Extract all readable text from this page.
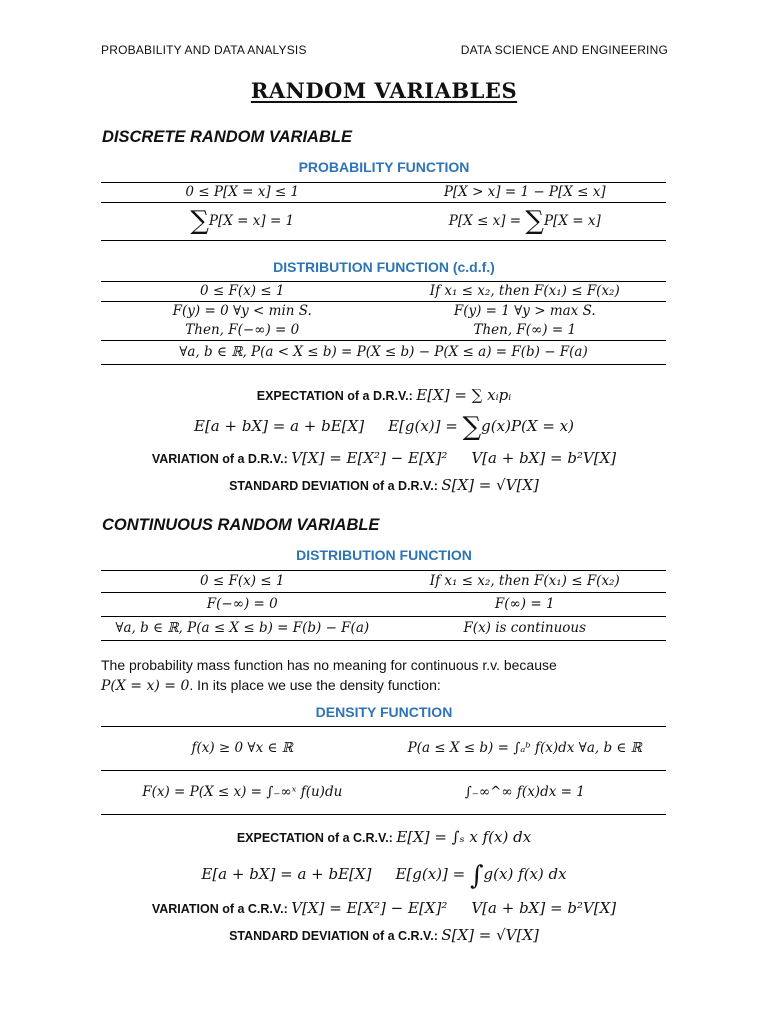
PROBABILITY AND DATA ANALYSIS	DATA SCIENCE AND ENGINEERING
RANDOM VARIABLES
DISCRETE RANDOM VARIABLE
PROBABILITY FUNCTION
0 ≤ P[X = x] ≤ 1	P[X > x] = 1 − P[X ≤ x]
∑P[X = x] = 1	P[X ≤ x] = ∑P[X = x]
DISTRIBUTION FUNCTION (c.d.f.)
0 ≤ F(x) ≤ 1	If x₁ ≤ x₂, then F(x₁) ≤ F(x₂)
F(y) = 0 ∀y < min S.	F(y) = 1 ∀y > max S.
Then, F(−∞) = 0	Then, F(∞) = 1
∀a, b ∈ ℝ, P(a < X ≤ b) = P(X ≤ b) − P(X ≤ a) = F(b) − F(a)	
EXPECTATION of a D.R.V.: E[X] = ∑ xᵢpᵢ
E[a + bX] = a + bE[X] E[g(x)] = ∑g(x)P(X = x)
VARIATION of a D.R.V.: V[X] = E[X²] − E[X]² V[a + bX] = b²V[X]
STANDARD DEVIATION of a D.R.V.: S[X] = √V[X]
CONTINUOUS RANDOM VARIABLE
DISTRIBUTION FUNCTION
0 ≤ F(x) ≤ 1	If x₁ ≤ x₂, then F(x₁) ≤ F(x₂)
F(−∞) = 0	F(∞) = 1
∀a, b ∈ ℝ, P(a ≤ X ≤ b) = F(b) − F(a)	F(x) is continuous
The probability mass function has no meaning for continuous r.v. because
P(X = x) = 0. In its place we use the density function:
DENSITY FUNCTION
f(x) ≥ 0 ∀x ∈ ℝ	P(a ≤ X ≤ b) = ∫ₐᵇ f(x)dx ∀a, b ∈ ℝ
F(x) = P(X ≤ x) = ∫₋∞ˣ f(u)du	∫₋∞^∞ f(x)dx = 1
EXPECTATION of a C.R.V.: E[X] = ∫ₛ x f(x) dx
E[a + bX] = a + bE[X] E[g(x)] = ∫g(x) f(x) dx
VARIATION of a C.R.V.: V[X] = E[X²] − E[X]² V[a + bX] = b²V[X]
STANDARD DEVIATION of a C.R.V.: S[X] = √V[X]
